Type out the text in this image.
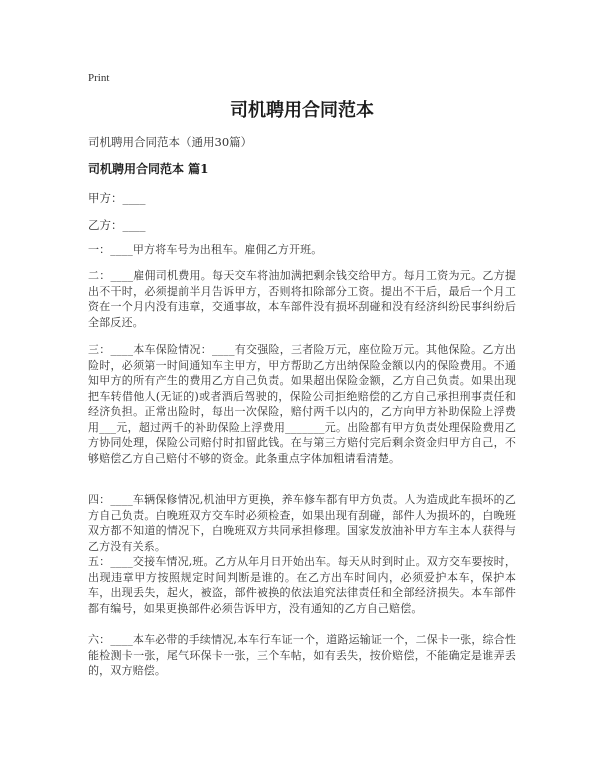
Print
司机聘用合同范本
司机聘用合同范本（通用30篇）
司机聘用合同范本 篇1
甲方：____
乙方：____

一：____甲方将车号为出租车。雇佣乙方开班。

二：____雇佣司机费用。每天交车将油加满把剩余钱交给甲方。每月工资为元。乙方提出不干时，必须提前半月告诉甲方，否则将扣除部分工资。提出不干后，最后一个月工资在一个月内没有违章，交通事故，本车部件没有损坏刮碰和没有经济纠纷民事纠纷后全部反还。

三：____本车保险情况：____有交强险，三者险万元，座位险万元。其他保险。乙方出险时，必须第一时间通知车主甲方，甲方帮助乙方出纳保险金额以内的保险费用。不通知甲方的所有产生的费用乙方自己负责。如果超出保险金额，乙方自己负责。如果出现把车转借他人(无证的)或者酒后驾驶的，保险公司拒绝赔偿的乙方自己承担刑事责任和经济负担。正常出险时，每出一次保险，赔付两千以内的，乙方向甲方补助保险上浮费用___元，超过两千的补助保险上浮费用_______元。出险都有甲方负责处理保险费用乙方协同处理，保险公司赔付时扣留此钱。在与第三方赔付完后剩余资金归甲方自己，不够赔偿乙方自己赔付不够的资金。此条重点字体加粗请看清楚。

四：____车辆保修情况,机油甲方更换，养车修车都有甲方负责。人为造成此车损坏的乙方自己负责。白晚班双方交车时必须检查，如果出现有刮碰，部件人为损坏的，白晚班双方都不知道的情况下，白晚班双方共同承担修理。国家发放油补甲方车主本人获得与乙方没有关系。

五：____交接车情况,班。乙方从年月日开始出车。每天从时到时止。双方交车要按时，出现违章甲方按照规定时间判断是谁的。在乙方出车时间内，必须爱护本车，保护本车，出现丢失，起火，被盗，部件被换的依法追究法律责任和全部经济损失。本车部件都有编号，如果更换部件必须告诉甲方，没有通知的乙方自己赔偿。

六：____本车必带的手续情况,本车行车证一个，道路运输证一个，二保卡一张，综合性能检测卡一张，尾气环保卡一张，三个车帖，如有丢失，按价赔偿，不能确定是谁弄丢的，双方赔偿。
